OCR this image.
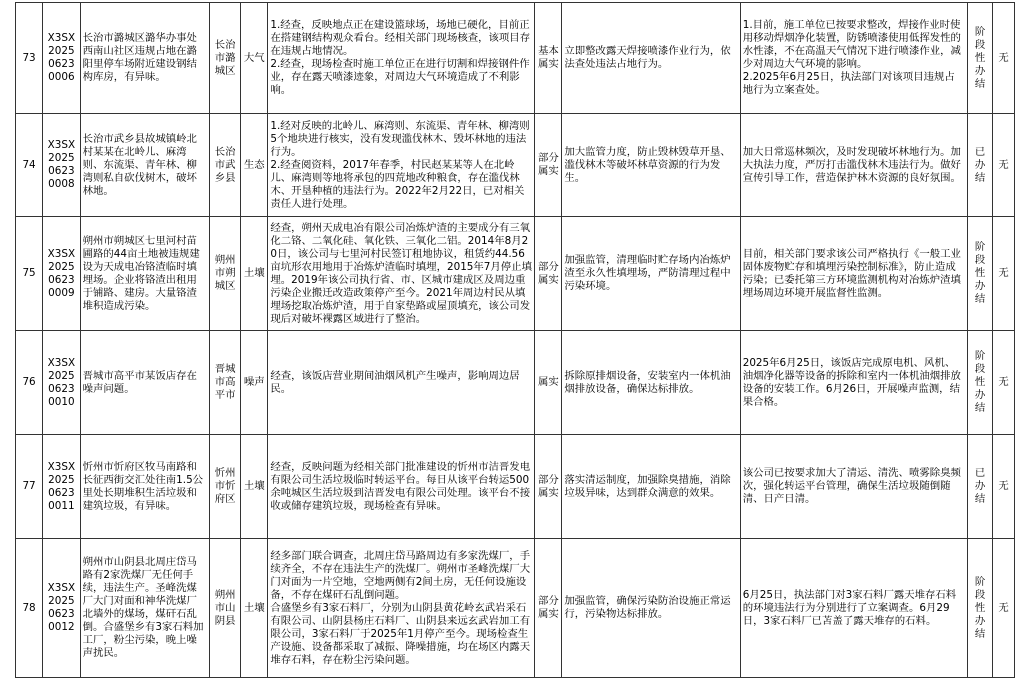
73	X3SX202506230006	长治市潞城区潞华办事处西南山社区违规占地在潞阳里停车场附近建设钢结构库房，有异味。	长治市潞城区	大气	1.经查，反映地点正在建设篮球场，场地已硬化，目前正在搭建钢结构观众看台。经相关部门现场核查，该项目存在违规占地情况。
2.经查，现场检查时施工单位正在进行切割和焊接钢件作业，存在露天喷漆迹象，对周边大气环境造成了不利影响。	基本属实	立即整改露天焊接喷漆作业行为，依法查处违法占地行为。	1.目前，施工单位已按要求整改，焊接作业时使用移动焊烟净化装置，防锈喷漆使用低挥发性的水性漆，不在高温天气情况下进行喷漆作业，减少对周边大气环境的影响。
2.2025年6月25日，执法部门对该项目违规占地行为立案查处。	阶段性办结	无
74	X3SX202506230008	长治市武乡县故城镇岭北村某某在北岭儿、麻湾则、东流渠、青年林、柳湾则私自砍伐树木，破坏林地。	长治市武乡县	生态	1.经对反映的北岭儿、麻湾则、东流渠、青年林、柳湾则5个地块进行核实，没有发现滥伐林木、毁坏林地的违法行为。
2.经查阅资料，2017年春季，村民赵某某等人在北岭儿、麻湾则等地将承包的四荒地改种粮食，存在滥伐林木、开垦种植的违法行为。2022年2月22日，已对相关责任人进行处理。	部分属实	加大监管力度，防止毁林毁草开垦、滥伐林木等破坏林草资源的行为发生。	加大日常巡林频次，及时发现破坏林地行为。加大执法力度，严厉打击滥伐林木违法行为。做好宣传引导工作，营造保护林木资源的良好氛围。	已办结	无
75	X3SX202506230009	朔州市朔城区七里河村苗圃路的44亩土地被违规建设为天成电冶铬渣临时填埋场。企业将铬渣出租用于铺路、建房。大量铬渣堆积造成污染。	朔州市朔城区	土壤	经查，朔州天成电冶有限公司冶炼炉渣的主要成分有三氧化二铬、二氧化硅、氧化铁、三氧化二铝。2014年8月20日，该公司与七里河村民签订租地协议，租赁约44.56亩坑形农用地用于冶炼炉渣临时填埋，2015年7月停止填埋。2019年该公司执行省、市、区城市建成区及周边重污染企业搬迁改造政策停产至今。2021年周边村民从填埋场挖取冶炼炉渣，用于自家垫路或屋顶填充，该公司发现后对破坏裸露区域进行了整治。	部分属实	加强监管，清理临时贮存场内冶炼炉渣至永久性填埋场，严防清理过程中污染环境。	目前，相关部门要求该公司严格执行《一般工业固体废物贮存和填埋污染控制标准》，防止造成污染；已委托第三方环境监测机构对冶炼炉渣填埋场周边环境开展监督性监测。	阶段性办结	无
76	X3SX202506230010	晋城市高平市某饭店存在噪声问题。	晋城市高平市	噪声	经查，该饭店营业期间油烟风机产生噪声，影响周边居民。	属实	拆除原排烟设备，安装室内一体机油烟排放设备，确保达标排放。	2025年6月25日，该饭店完成原电机、风机、油烟净化器等设备的拆除和室内一体机油烟排放设备的安装工作。6月26日，开展噪声监测，结果合格。	阶段性办结	无
77	X3SX202506230011	忻州市忻府区牧马南路和长征西街交汇处往南1.5公里处长期堆积生活垃圾和建筑垃圾，有异味。	忻州市忻府区	土壤	经查，反映问题为经相关部门批准建设的忻州市洁晋发电有限公司生活垃圾临时转运平台。每日从该平台转运500余吨城区生活垃圾到洁晋发电有限公司处理。该平台不接收或储存建筑垃圾，现场检查有异味。	部分属实	落实清运制度，加强除臭措施，消除垃圾异味，达到群众满意的效果。	该公司已按要求加大了清运、清洗、喷雾除臭频次，强化转运平台管理，确保生活垃圾随倒随清、日产日清。	已办结	无
78	X3SX202506230012	朔州市山阴县北周庄岱马路有2家洗煤厂无任何手续，违法生产。圣峰洗煤厂大门对面和神华洗煤厂北墙外的煤场，煤矸石乱倒。合盛堡乡有3家石料加工厂，粉尘污染，晚上噪声扰民。	朔州市山阴县	土壤	经多部门联合调查，北周庄岱马路周边有多家洗煤厂，手续齐全，不存在违法生产的洗煤厂。朔州市圣峰洗煤厂大门对面为一片空地，空地两侧有2间土房，无任何设施设备，不存在煤矸石乱倒问题。
合盛堡乡有3家石料厂，分别为山阴县黄花岭玄武岩采石有限公司、山阴县杨庄石料厂、山阴县来远玄武岩加工有限公司，3家石料厂于2025年1月停产至今。现场检查生产设施、设备都采取了减振、降噪措施，均在场区内露天堆存石料，存在粉尘污染问题。	部分属实	加强监管，确保污染防治设施正常运行，污染物达标排放。	6月25日，执法部门对3家石料厂露天堆存石料的环境违法行为分别进行了立案调查。6月29日，3家石料厂已苫盖了露天堆存的石料。	阶段性办结	无
